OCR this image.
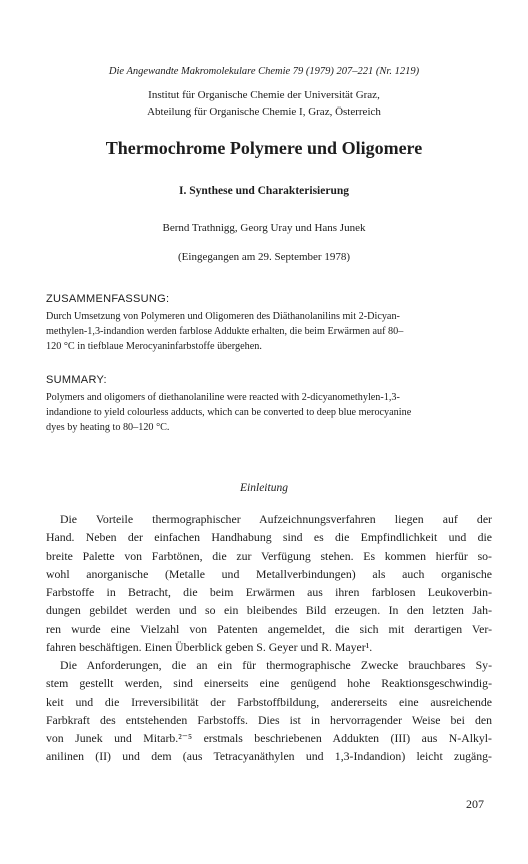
Die Angewandte Makromolekulare Chemie 79 (1979) 207–221 (Nr. 1219)
Institut für Organische Chemie der Universität Graz,
Abteilung für Organische Chemie I, Graz, Österreich
Thermochrome Polymere und Oligomere
I. Synthese und Charakterisierung
Bernd Trathnigg, Georg Uray und Hans Junek
(Eingegangen am 29. September 1978)
ZUSAMMENFASSUNG:
Durch Umsetzung von Polymeren und Oligomeren des Diäthanolanilins mit 2-Dicyan-
methylen-1,3-indandion werden farblose Addukte erhalten, die beim Erwärmen auf 80–
120 °C in tiefblaue Merocyaninfarbstoffe übergehen.
SUMMARY:
Polymers and oligomers of diethanolaniline were reacted with 2-dicyanomethylen-1,3-
indandione to yield colourless adducts, which can be converted to deep blue merocyanine
dyes by heating to 80–120 °C.
Einleitung
Die Vorteile thermographischer Aufzeichnungsverfahren liegen auf der
Hand. Neben der einfachen Handhabung sind es die Empfindlichkeit und die
breite Palette von Farbtönen, die zur Verfügung stehen. Es kommen hierfür so-
wohl anorganische (Metalle und Metallverbindungen) als auch organische
Farbstoffe in Betracht, die beim Erwärmen aus ihren farblosen Leukoverbin-
dungen gebildet werden und so ein bleibendes Bild erzeugen. In den letzten Jah-
ren wurde eine Vielzahl von Patenten angemeldet, die sich mit derartigen Ver-
fahren beschäftigen. Einen Überblick geben S. Geyer und R. Mayer¹.
Die Anforderungen, die an ein für thermographische Zwecke brauchbares Sy-
stem gestellt werden, sind einerseits eine genügend hohe Reaktionsgeschwindig-
keit und die Irreversibilität der Farbstoffbildung, andererseits eine ausreichende
Farbkraft des entstehenden Farbstoffs. Dies ist in hervorragender Weise bei den
von Junek und Mitarb.²⁻⁵ erstmals beschriebenen Addukten (III) aus N-Alkyl-
anilinen (II) und dem (aus Tetracyanäthylen und 1,3-Indandion) leicht zugäng-
207
